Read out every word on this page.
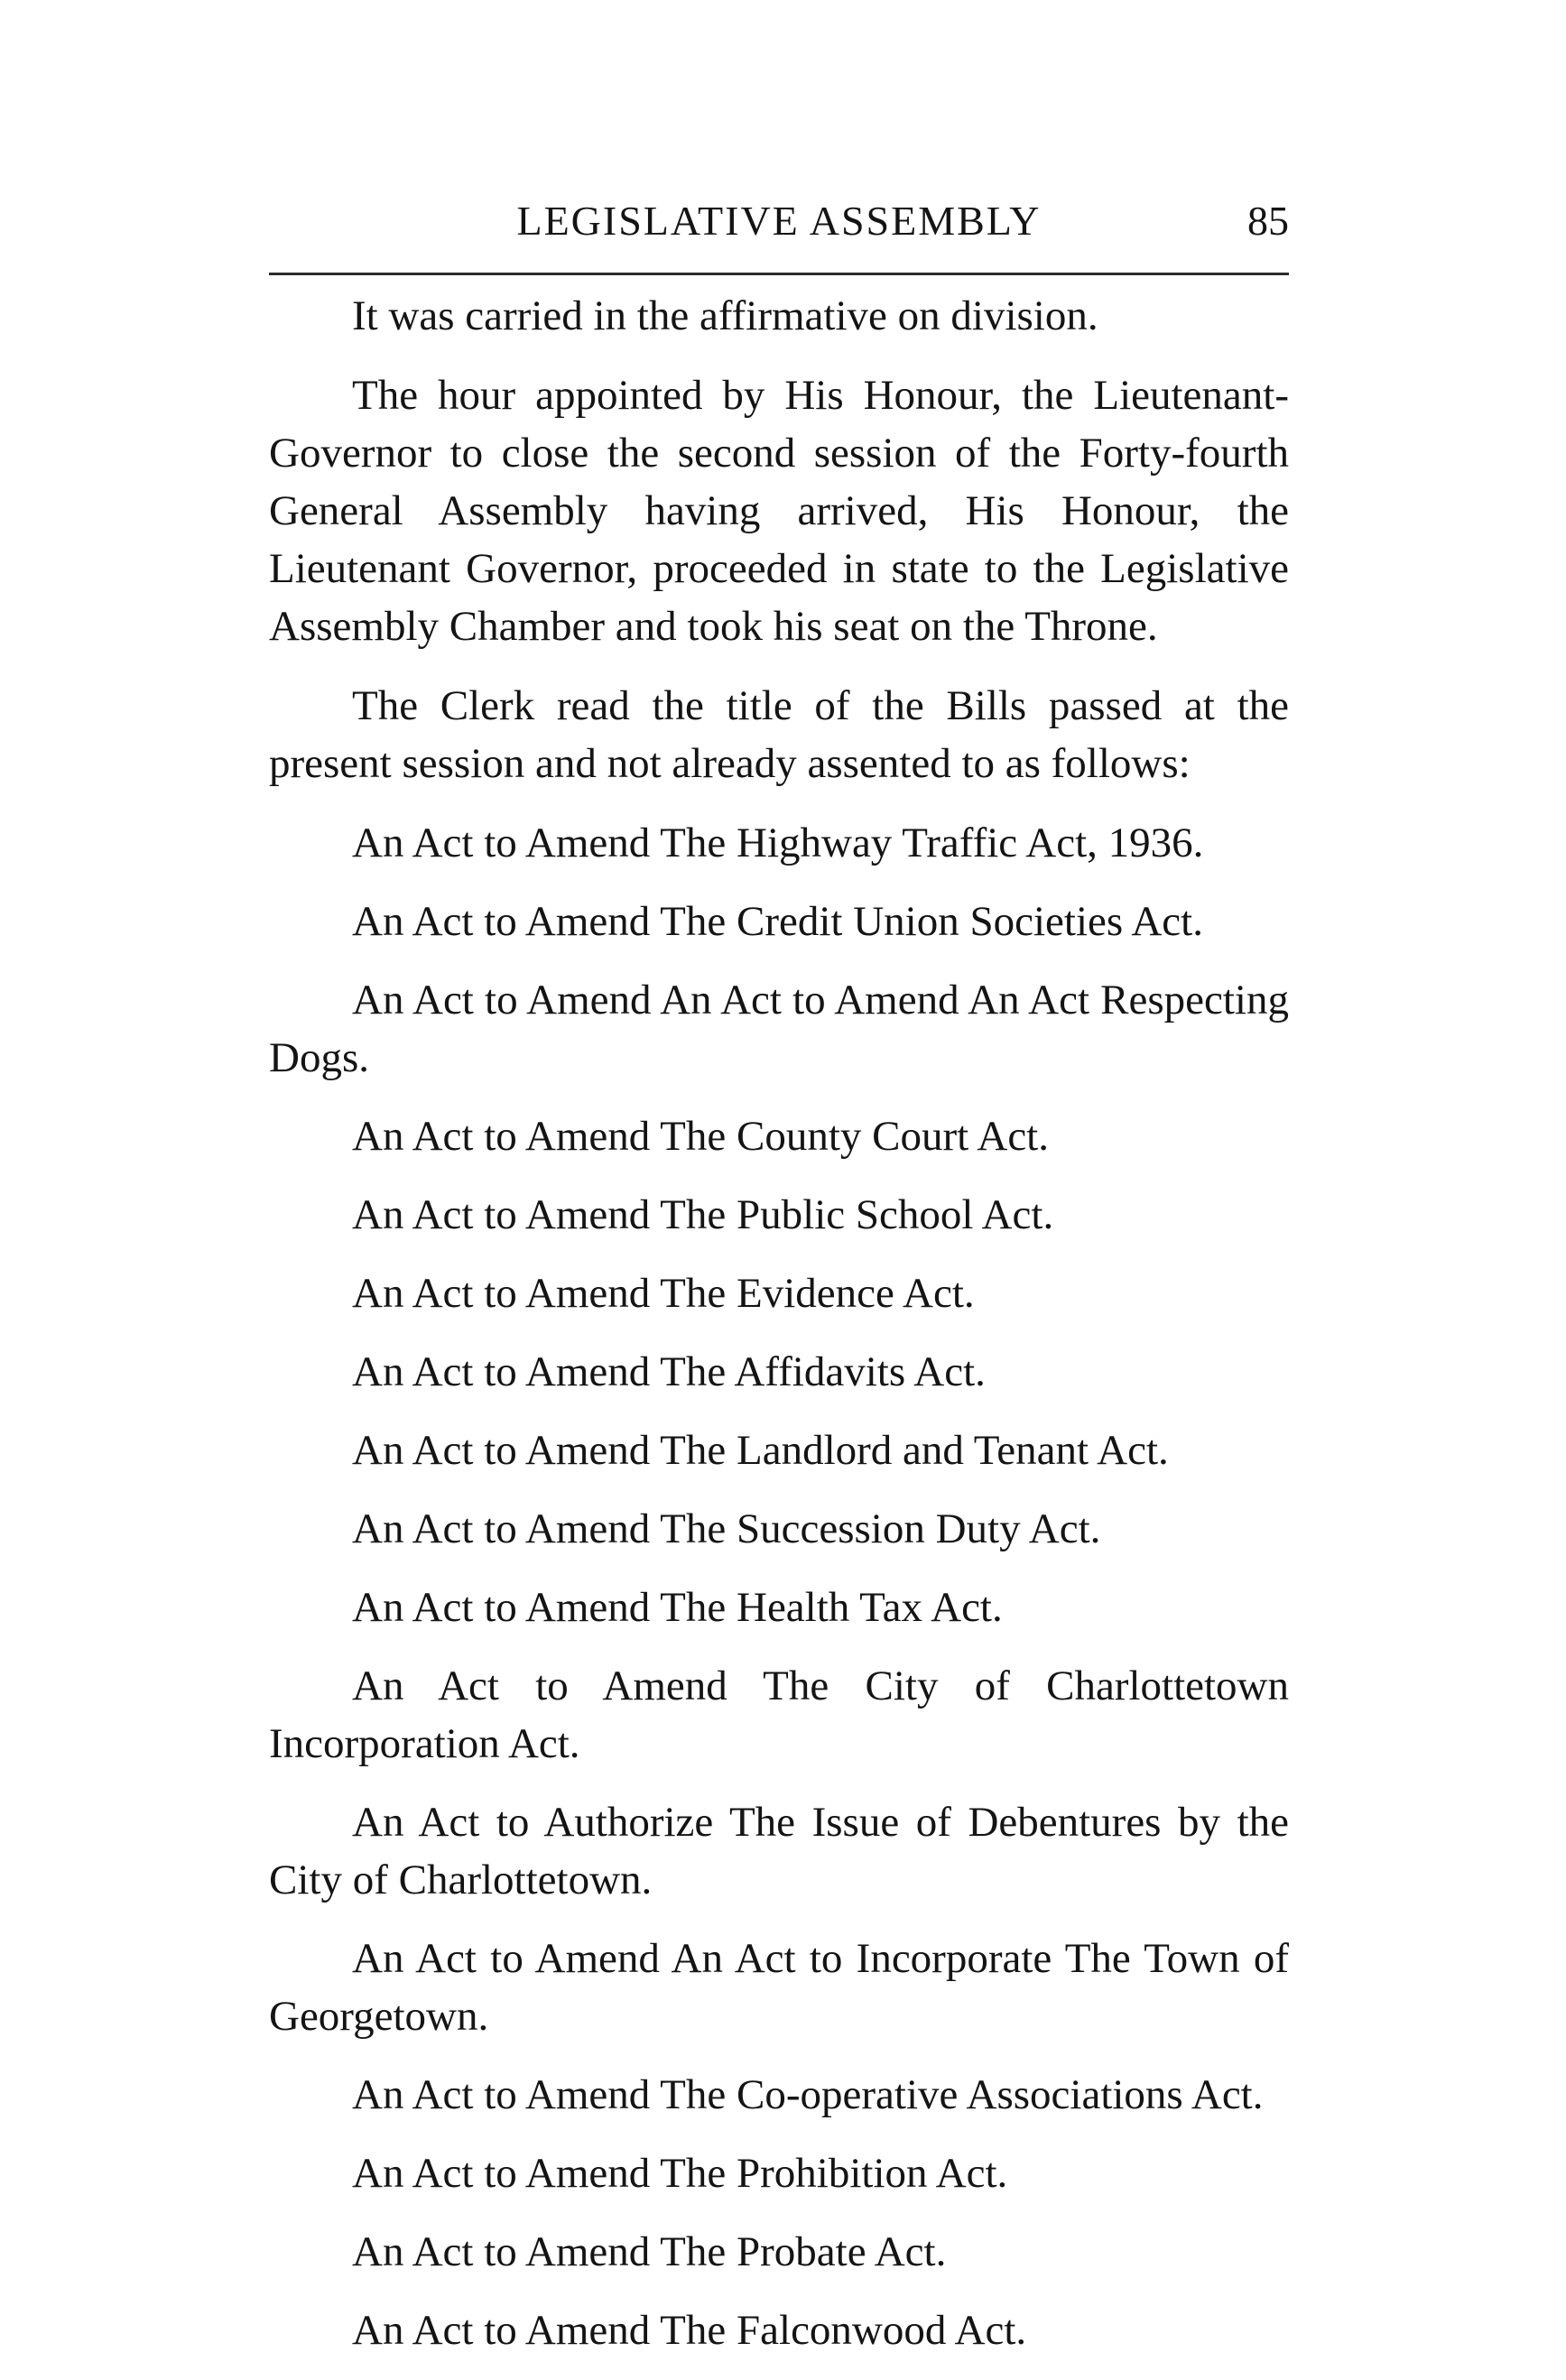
LEGISLATIVE ASSEMBLY	85

It was carried in the affirmative on division.

The hour appointed by His Honour, the Lieutenant-Governor to close the second session of the Forty-fourth General Assembly having arrived, His Honour, the Lieutenant Governor, proceeded in state to the Legislative Assembly Chamber and took his seat on the Throne.

The Clerk read the title of the Bills passed at the present session and not already assented to as follows:

An Act to Amend The Highway Traffic Act, 1936.

An Act to Amend The Credit Union Societies Act.

An Act to Amend An Act to Amend An Act Respecting Dogs.

An Act to Amend The County Court Act.

An Act to Amend The Public School Act.

An Act to Amend The Evidence Act.

An Act to Amend The Affidavits Act.

An Act to Amend The Landlord and Tenant Act.

An Act to Amend The Succession Duty Act.

An Act to Amend The Health Tax Act.

An Act to Amend The City of Charlottetown Incorporation Act.

An Act to Authorize The Issue of Debentures by the City of Charlottetown.

An Act to Amend An Act to Incorporate The Town of Georgetown.

An Act to Amend The Co-operative Associations Act.

An Act to Amend The Prohibition Act.

An Act to Amend The Probate Act.

An Act to Amend The Falconwood Act.
